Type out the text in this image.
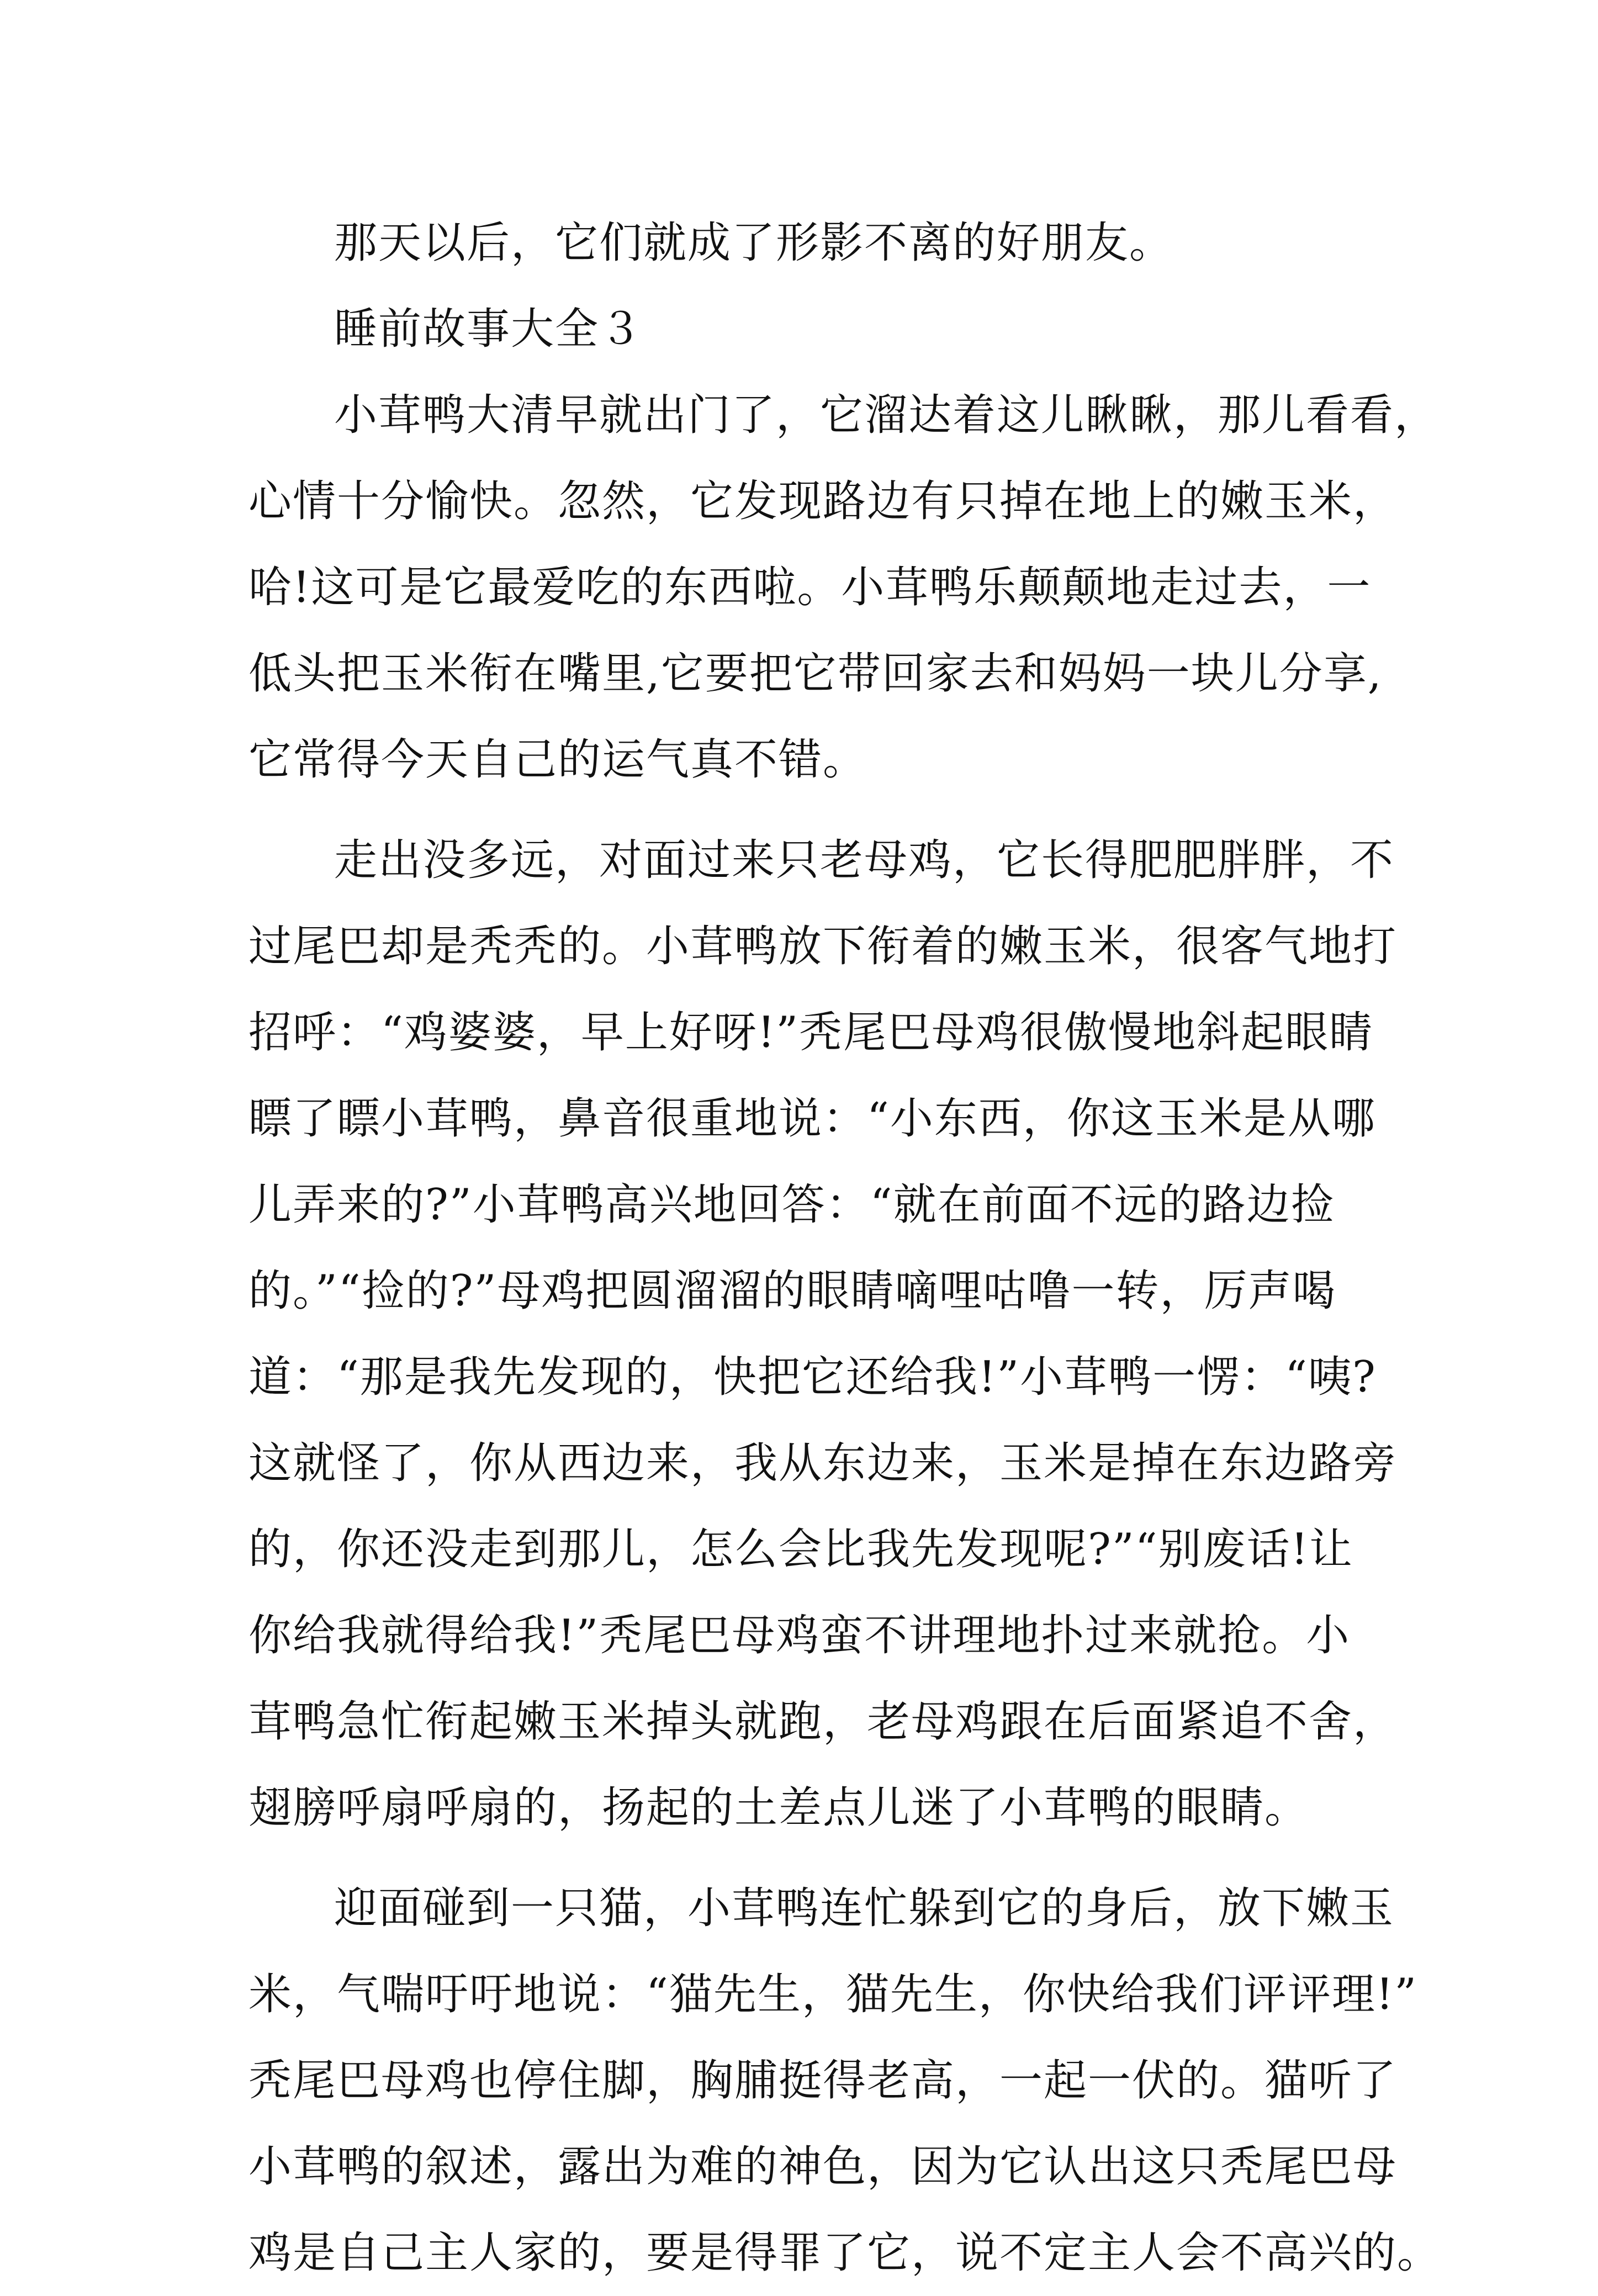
那天以后，它们就成了形影不离的好朋友。
睡前故事大全３
小茸鸭大清早就出门了，它溜达着这儿瞅瞅，那儿看看，
心情十分愉快。忽然，它发现路边有只掉在地上的嫩玉米，
哈!这可是它最爱吃的东西啦。小茸鸭乐颠颠地走过去，一
低头把玉米衔在嘴里,它要把它带回家去和妈妈一块儿分享,
它常得今天自己的运气真不错。
走出没多远，对面过来只老母鸡，它长得肥肥胖胖，不
过尾巴却是秃秃的。小茸鸭放下衔着的嫩玉米，很客气地打
招呼：“鸡婆婆，早上好呀!”秃尾巴母鸡很傲慢地斜起眼睛
瞟了瞟小茸鸭，鼻音很重地说：“小东西，你这玉米是从哪
儿弄来的?”小茸鸭高兴地回答：“就在前面不远的路边捡
的。”“捡的?”母鸡把圆溜溜的眼睛嘀哩咕噜一转，厉声喝
道：“那是我先发现的，快把它还给我!”小茸鸭一愣：“咦?
这就怪了，你从西边来，我从东边来，玉米是掉在东边路旁
的，你还没走到那儿，怎么会比我先发现呢?”“别废话!让
你给我就得给我!”秃尾巴母鸡蛮不讲理地扑过来就抢。小
茸鸭急忙衔起嫩玉米掉头就跑，老母鸡跟在后面紧追不舍，
翅膀呼扇呼扇的，扬起的土差点儿迷了小茸鸭的眼睛。
迎面碰到一只猫，小茸鸭连忙躲到它的身后，放下嫩玉
米，气喘吁吁地说：“猫先生，猫先生，你快给我们评评理!”
秃尾巴母鸡也停住脚，胸脯挺得老高，一起一伏的。猫听了
小茸鸭的叙述，露出为难的神色，因为它认出这只秃尾巴母
鸡是自己主人家的，要是得罪了它，说不定主人会不高兴的。
